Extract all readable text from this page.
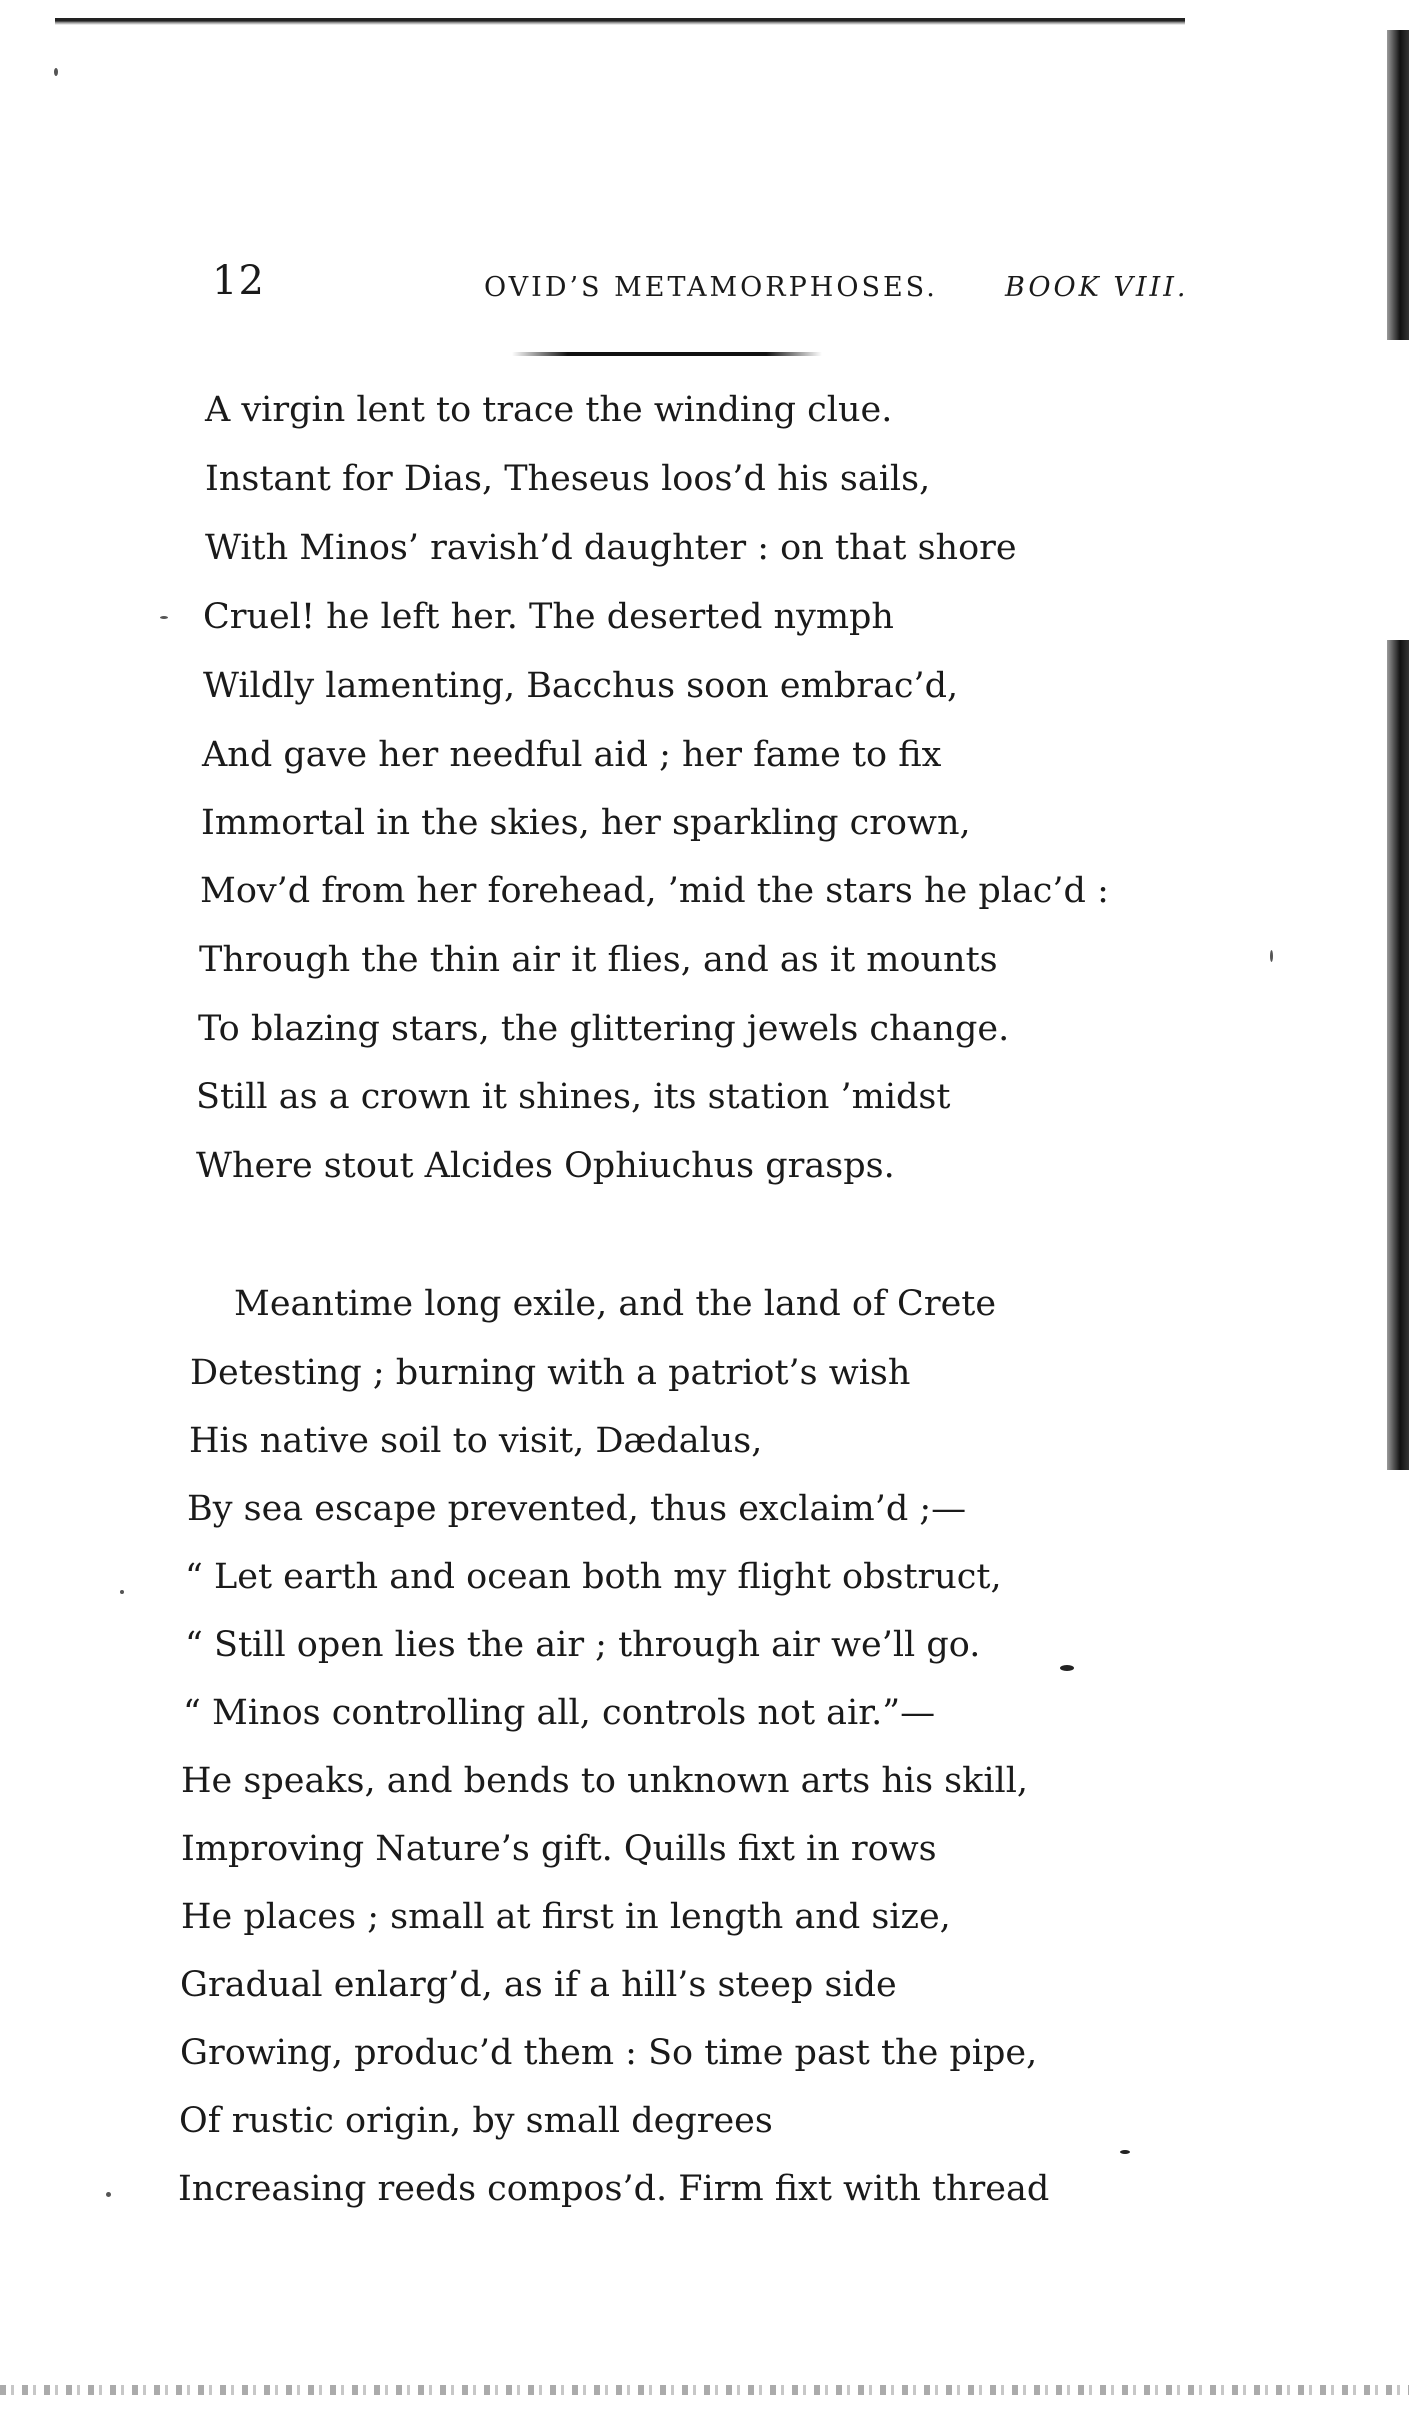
12	OVID’S METAMORPHOSES. BOOK VIII.
A virgin lent to trace the winding clue.
Instant for Dias, Theseus loos’d his sails,
With Minos’ ravish’d daughter : on that shore
Cruel! he left her. The deserted nymph
Wildly lamenting, Bacchus soon embrac’d,
And gave her needful aid ; her fame to fix
Immortal in the skies, her sparkling crown,
Mov’d from her forehead, ’mid the stars he plac’d :
Through the thin air it flies, and as it mounts
To blazing stars, the glittering jewels change.
Still as a crown it shines, its station ’midst
Where stout Alcides Ophiuchus grasps.
Meantime long exile, and the land of Crete
Detesting ; burning with a patriot’s wish
His native soil to visit, Dædalus,
By sea escape prevented, thus exclaim’d ;—
“ Let earth and ocean both my flight obstruct,
“ Still open lies the air ; through air we’ll go.
“ Minos controlling all, controls not air.”—
He speaks, and bends to unknown arts his skill,
Improving Nature’s gift. Quills fixt in rows
He places ; small at first in length and size,
Gradual enlarg’d, as if a hill’s steep side
Growing, produc’d them : So time past the pipe,
Of rustic origin, by small degrees
Increasing reeds compos’d. Firm fixt with thread
